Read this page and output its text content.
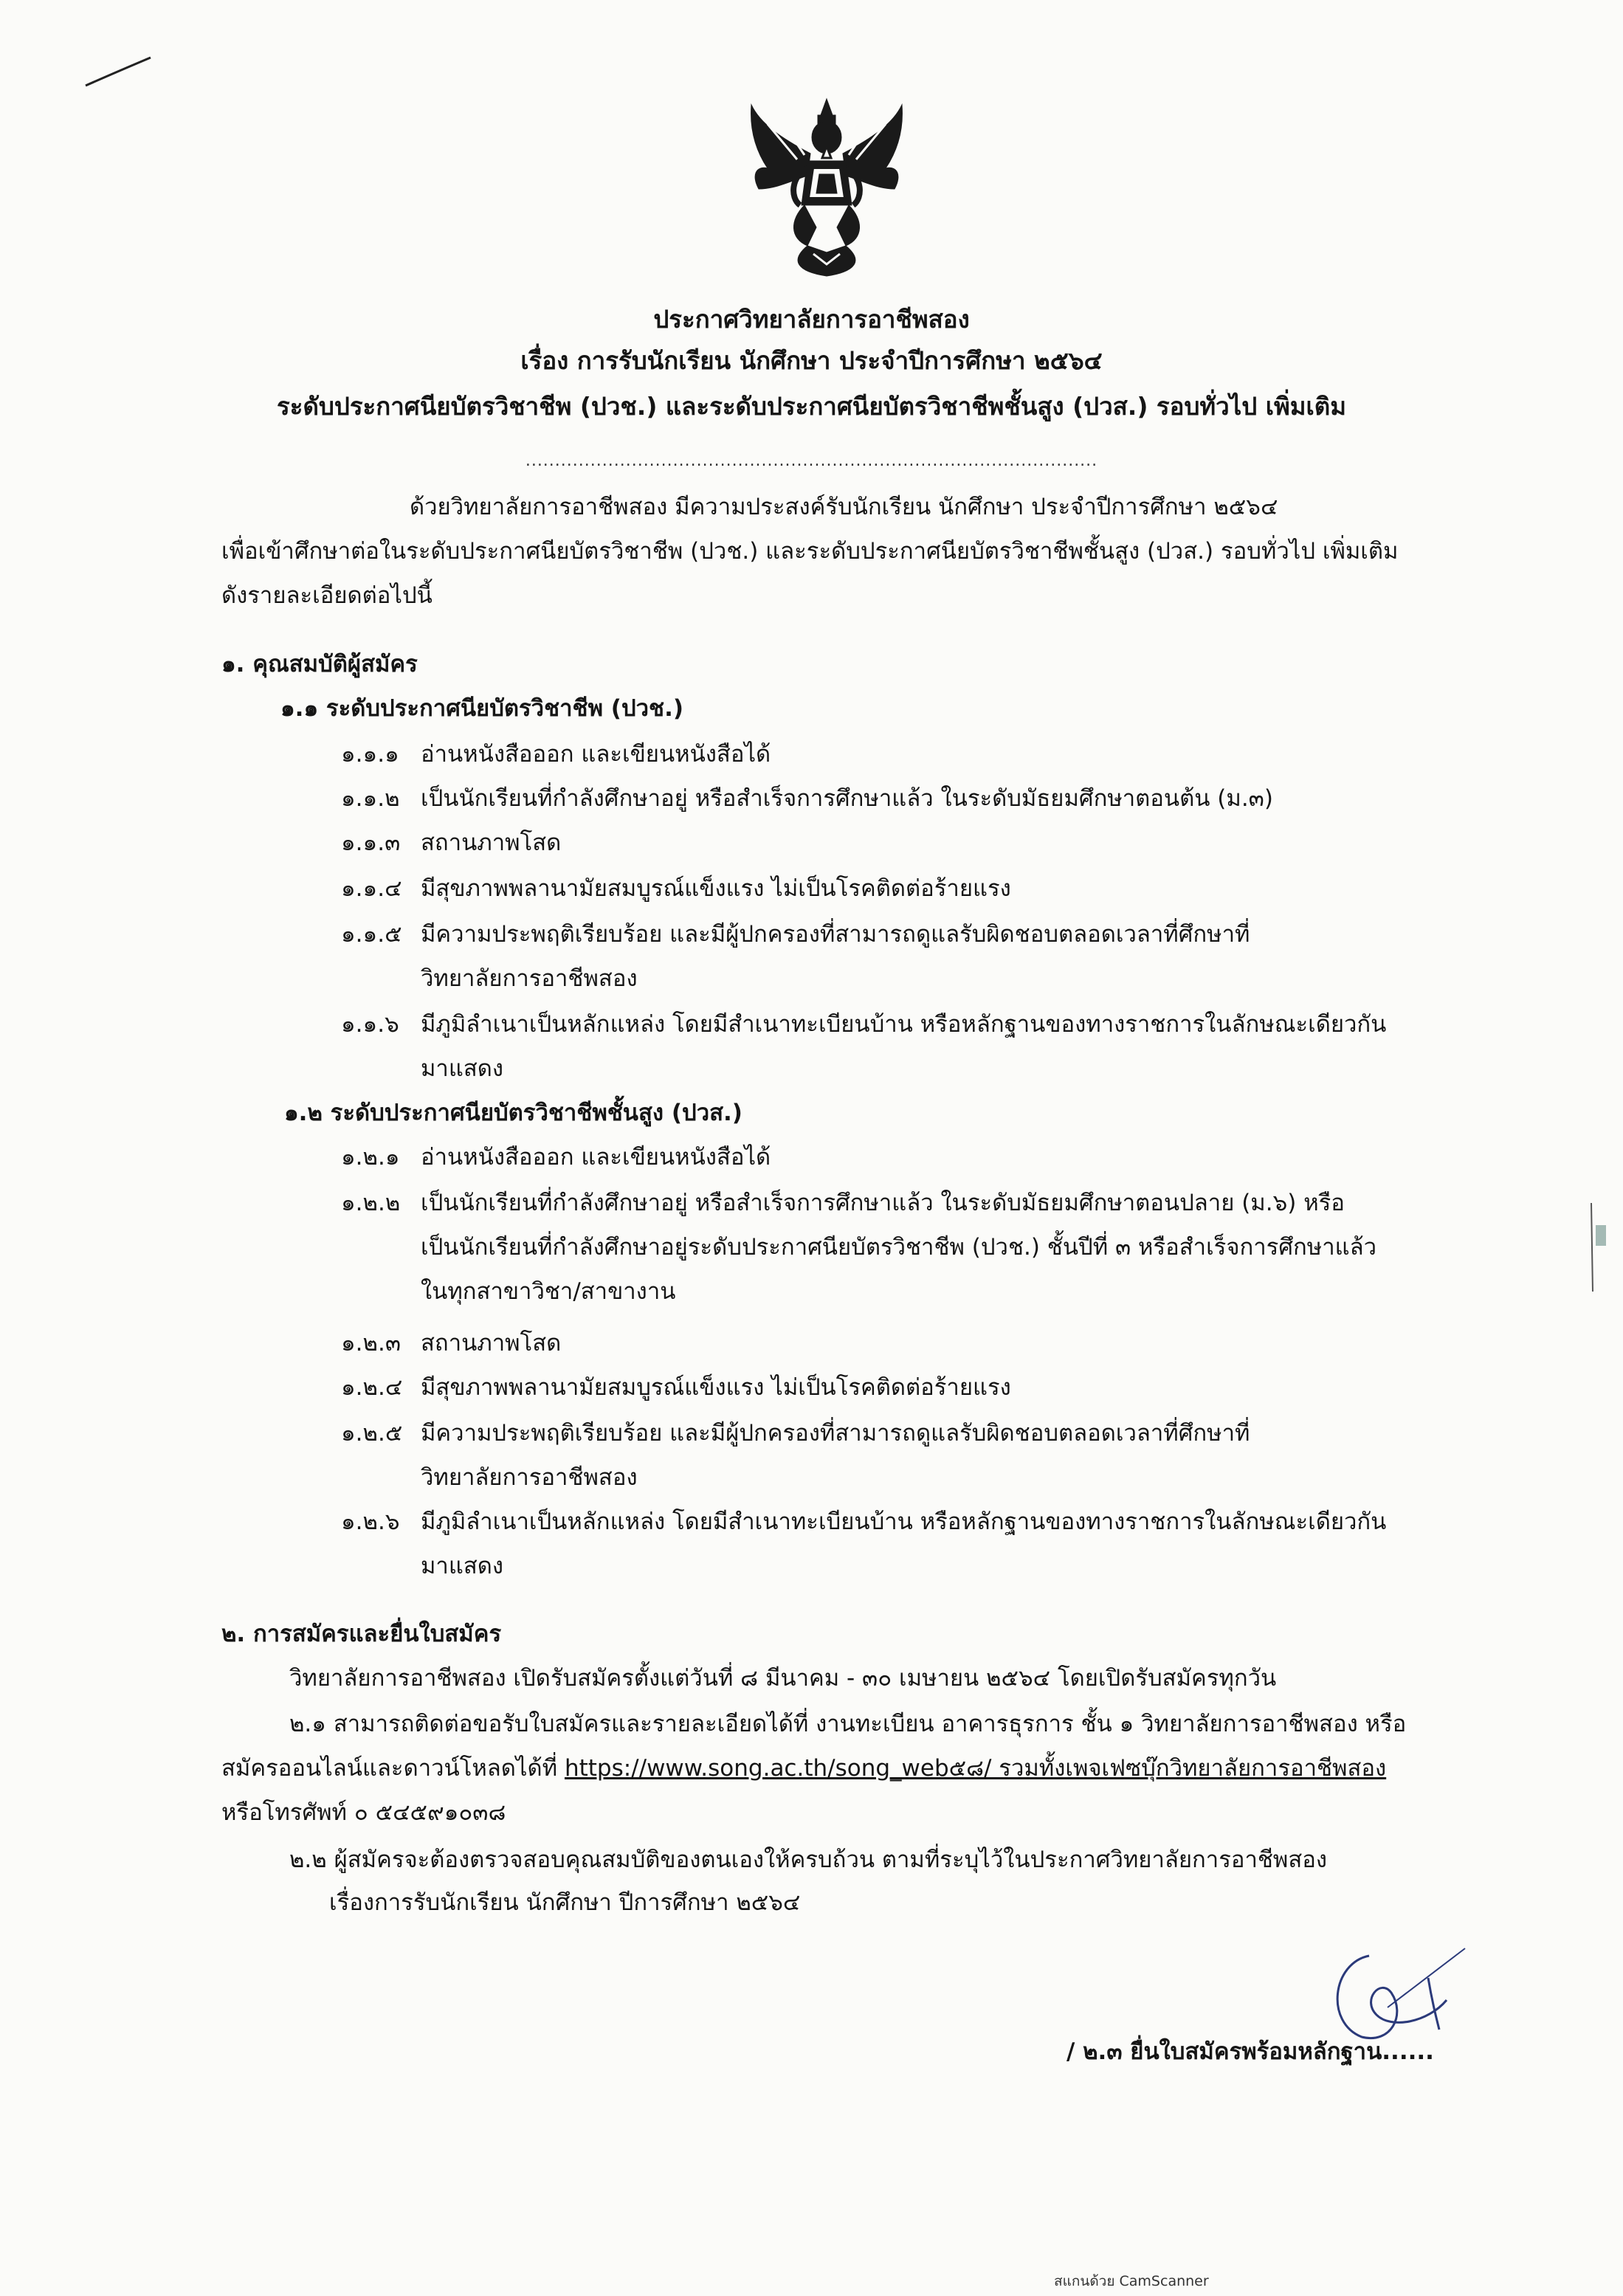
ประกาศวิทยาลัยการอาชีพสอง

เรื่อง การรับนักเรียน นักศึกษา ประจำปีการศึกษา ๒๕๖๔

ระดับประกาศนียบัตรวิชาชีพ (ปวช.) และระดับประกาศนียบัตรวิชาชีพชั้นสูง (ปวส.) รอบทั่วไป เพิ่มเติม

.................................................................................................

ด้วยวิทยาลัยการอาชีพสอง มีความประสงค์รับนักเรียน นักศึกษา ประจำปีการศึกษา ๒๕๖๔

เพื่อเข้าศึกษาต่อในระดับประกาศนียบัตรวิชาชีพ (ปวช.) และระดับประกาศนียบัตรวิชาชีพชั้นสูง (ปวส.) รอบทั่วไป เพิ่มเติม

ดังรายละเอียดต่อไปนี้

๑. คุณสมบัติผู้สมัคร

๑.๑ ระดับประกาศนียบัตรวิชาชีพ (ปวช.)

๑.๑.๑ อ่านหนังสือออก และเขียนหนังสือได้

๑.๑.๒ เป็นนักเรียนที่กำลังศึกษาอยู่ หรือสำเร็จการศึกษาแล้ว ในระดับมัธยมศึกษาตอนต้น (ม.๓)

๑.๑.๓ สถานภาพโสด

๑.๑.๔ มีสุขภาพพลานามัยสมบูรณ์แข็งแรง ไม่เป็นโรคติดต่อร้ายแรง

๑.๑.๕ มีความประพฤติเรียบร้อย และมีผู้ปกครองที่สามารถดูแลรับผิดชอบตลอดเวลาที่ศึกษาที่

วิทยาลัยการอาชีพสอง

๑.๑.๖ มีภูมิลำเนาเป็นหลักแหล่ง โดยมีสำเนาทะเบียนบ้าน หรือหลักฐานของทางราชการในลักษณะเดียวกัน

มาแสดง

๑.๒ ระดับประกาศนียบัตรวิชาชีพชั้นสูง (ปวส.)

๑.๒.๑ อ่านหนังสือออก และเขียนหนังสือได้

๑.๒.๒ เป็นนักเรียนที่กำลังศึกษาอยู่ หรือสำเร็จการศึกษาแล้ว ในระดับมัธยมศึกษาตอนปลาย (ม.๖) หรือ

เป็นนักเรียนที่กำลังศึกษาอยู่ระดับประกาศนียบัตรวิชาชีพ (ปวช.) ชั้นปีที่ ๓ หรือสำเร็จการศึกษาแล้ว

ในทุกสาขาวิชา/สาขางาน

๑.๒.๓ สถานภาพโสด

๑.๒.๔ มีสุขภาพพลานามัยสมบูรณ์แข็งแรง ไม่เป็นโรคติดต่อร้ายแรง

๑.๒.๕ มีความประพฤติเรียบร้อย และมีผู้ปกครองที่สามารถดูแลรับผิดชอบตลอดเวลาที่ศึกษาที่

วิทยาลัยการอาชีพสอง

๑.๒.๖ มีภูมิลำเนาเป็นหลักแหล่ง โดยมีสำเนาทะเบียนบ้าน หรือหลักฐานของทางราชการในลักษณะเดียวกัน

มาแสดง

๒. การสมัครและยื่นใบสมัคร

วิทยาลัยการอาชีพสอง เปิดรับสมัครตั้งแต่วันที่ ๘ มีนาคม - ๓๐ เมษายน ๒๕๖๔ โดยเปิดรับสมัครทุกวัน

๒.๑ สามารถติดต่อขอรับใบสมัครและรายละเอียดได้ที่ งานทะเบียน อาคารธุรการ ชั้น ๑ วิทยาลัยการอาชีพสอง หรือ

สมัครออนไลน์และดาวน์โหลดได้ที่ https://www.song.ac.th/song_web๕๘/ รวมทั้งเพจเฟซบุ๊กวิทยาลัยการอาชีพสอง

หรือโทรศัพท์ ๐ ๕๔๕๙๑๐๓๘

๒.๒ ผู้สมัครจะต้องตรวจสอบคุณสมบัติของตนเองให้ครบถ้วน ตามที่ระบุไว้ในประกาศวิทยาลัยการอาชีพสอง

เรื่องการรับนักเรียน นักศึกษา ปีการศึกษา ๒๕๖๔

/ ๒.๓ ยื่นใบสมัครพร้อมหลักฐาน......

สแกนด้วย CamScanner
